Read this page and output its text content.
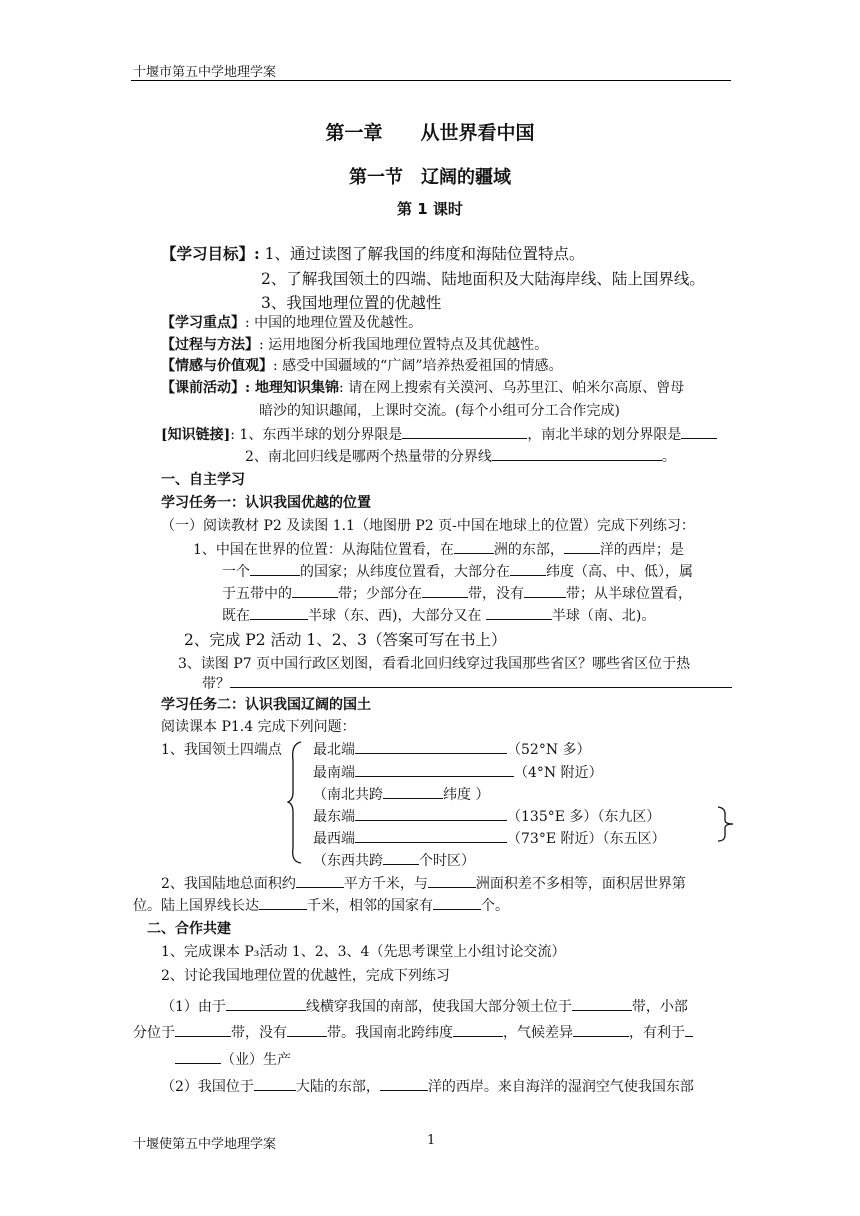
十堰市第五中学地理学案
第一章　　从世界看中国
第一节　辽阔的疆域
第 1 课时
【学习目标】: 1、通过读图了解我国的纬度和海陆位置特点。
2、了解我国领土的四端、陆地面积及大陆海岸线、陆上国界线。
3、我国地理位置的优越性
【学习重点】: 中国的地理位置及优越性。
【过程与方法】: 运用地图分析我国地理位置特点及其优越性。
【情感与价值观】: 感受中国疆域的“广阔”培养热爱祖国的情感。
【课前活动】: 地理知识集锦: 请在网上搜索有关漠河、乌苏里江、帕米尔高原、曾母
暗沙的知识趣闻，上课时交流。(每个小组可分工合作完成)
[知识链接]: 1、东西半球的划分界限是	，南北半球的划分界限是
2、南北回归线是哪两个热量带的分界线	。
一、自主学习
学习任务一：认识我国优越的位置
（一）阅读教材 P2 及读图 1.1（地图册 P2 页-中国在地球上的位置）完成下列练习：
1、中国在世界的位置：从海陆位置看，在	洲的东部，	洋的西岸；是
一个	的国家；从纬度位置看，大部分在	纬度（高、中、低），属
于五带中的	带；少部分在	带，没有	带；从半球位置看，
既在	半球（东、西)，大部分又在	半球（南、北)。
2、完成 P2 活动 1、2、3（答案可写在书上）
3、读图 P7 页中国行政区划图，看看北回归线穿过我国那些省区？哪些省区位于热
带？
学习任务二：认识我国辽阔的国土
阅读课本 P1.4 完成下列问题：
1、我国领土四端点 最北端	（52°N 多）
最南端	（4°N 附近）
（南北共跨	纬度 ）
最东端	（135°E 多）（东九区）
最西端	（73°E 附近）（东五区）
（东西共跨	个时区）
2、我国陆地总面积约	平方千米，与	洲面积差不多相等，面积居世界第
位。陆上国界线长达	千米，相邻的国家有	个。
二、合作共建
1、完成课本 P₃活动 1、2、3、4（先思考课堂上小组讨论交流）
2、讨论我国地理位置的优越性，完成下列练习
（1）由于	线横穿我国的南部，使我国大部分领土位于	带，小部
分位于	带，没有	带。我国南北跨纬度	，气候差异	，有利于
（业）生产
（2）我国位于	大陆的东部，	洋的西岸。来自海洋的湿润空气使我国东部
十堰使第五中学地理学案	1
